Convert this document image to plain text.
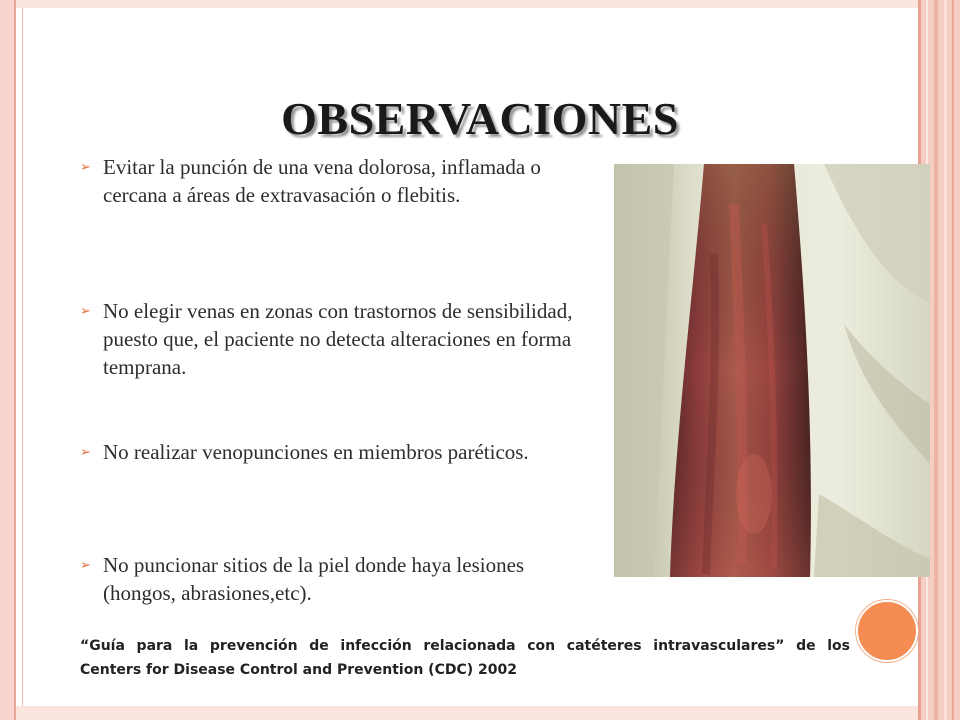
OBSERVACIONES
➢ Evitar la punción de una vena dolorosa, inflamada o cercana a áreas de extravasación o flebitis.
➢ No elegir venas en zonas con trastornos de sensibilidad, puesto que, el paciente no detecta alteraciones en forma temprana.
➢ No realizar venopunciones en miembros paréticos.
➢ No puncionar sitios de la piel donde haya lesiones (hongos, abrasiones,etc).
“Guía para la prevención de infección relacionada con catéteres intravasculares” de los
Centers for Disease Control and Prevention (CDC) 2002
